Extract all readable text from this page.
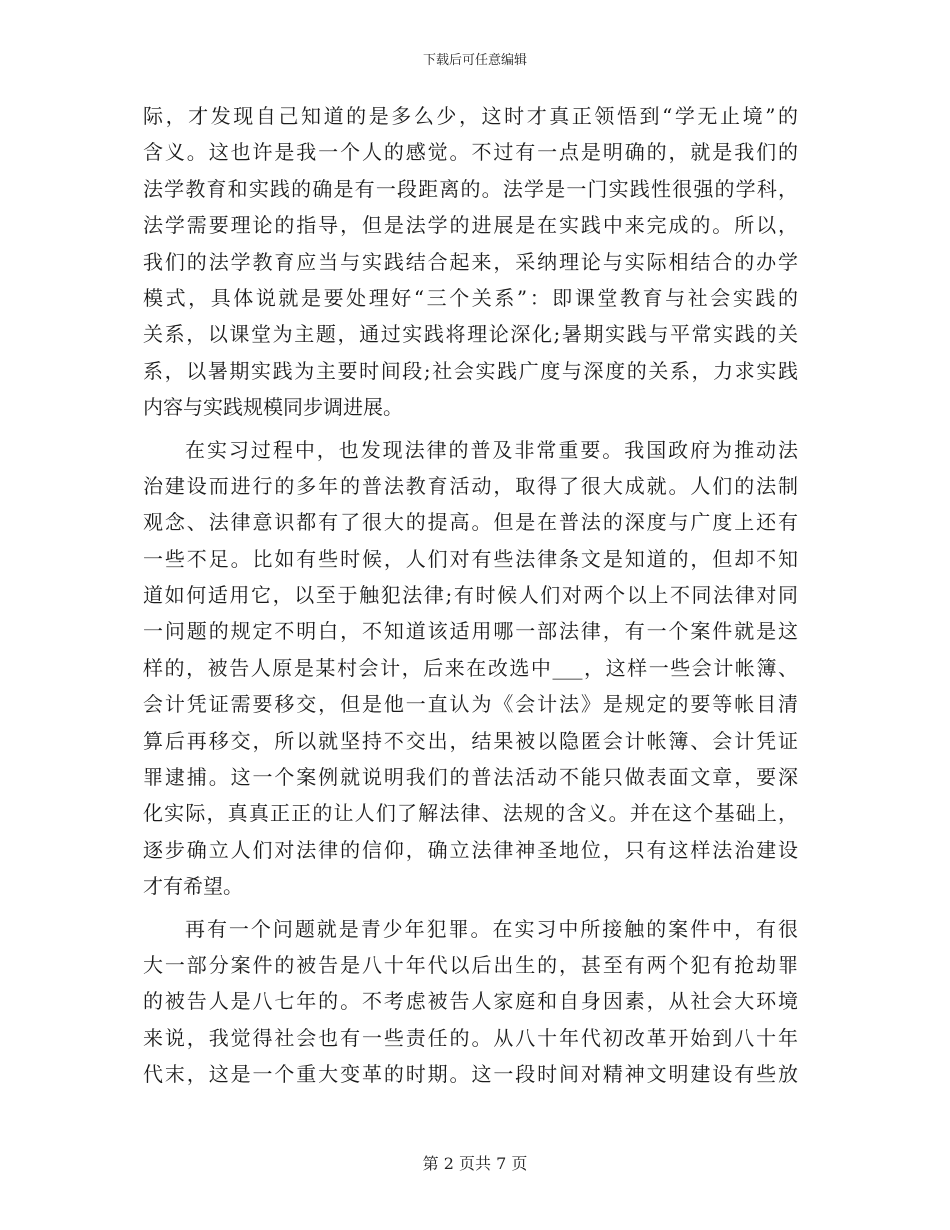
下载后可任意编辑
际，才发现自己知道的是多么少，这时才真正领悟到“学无止境”的
含义。这也许是我一个人的感觉。不过有一点是明确的，就是我们的
法学教育和实践的确是有一段距离的。法学是一门实践性很强的学科，
法学需要理论的指导，但是法学的进展是在实践中来完成的。所以，
我们的法学教育应当与实践结合起来，采纳理论与实际相结合的办学
模式，具体说就是要处理好“三个关系”：即课堂教育与社会实践的
关系，以课堂为主题，通过实践将理论深化;暑期实践与平常实践的关
系，以暑期实践为主要时间段;社会实践广度与深度的关系，力求实践
内容与实践规模同步调进展。
在实习过程中，也发现法律的普及非常重要。我国政府为推动法
治建设而进行的多年的普法教育活动，取得了很大成就。人们的法制
观念、法律意识都有了很大的提高。但是在普法的深度与广度上还有
一些不足。比如有些时候，人们对有些法律条文是知道的，但却不知
道如何适用它，以至于触犯法律;有时候人们对两个以上不同法律对同
一问题的规定不明白，不知道该适用哪一部法律，有一个案件就是这
样的，被告人原是某村会计，后来在改选中___，这样一些会计帐簿、
会计凭证需要移交，但是他一直认为《会计法》是规定的要等帐目清
算后再移交，所以就坚持不交出，结果被以隐匿会计帐簿、会计凭证
罪逮捕。这一个案例就说明我们的普法活动不能只做表面文章，要深
化实际，真真正正的让人们了解法律、法规的含义。并在这个基础上，
逐步确立人们对法律的信仰，确立法律神圣地位，只有这样法治建设
才有希望。
再有一个问题就是青少年犯罪。在实习中所接触的案件中，有很
大一部分案件的被告是八十年代以后出生的，甚至有两个犯有抢劫罪
的被告人是八七年的。不考虑被告人家庭和自身因素，从社会大环境
来说，我觉得社会也有一些责任的。从八十年代初改革开始到八十年
代末，这是一个重大变革的时期。这一段时间对精神文明建设有些放
第 2 页共 7 页
